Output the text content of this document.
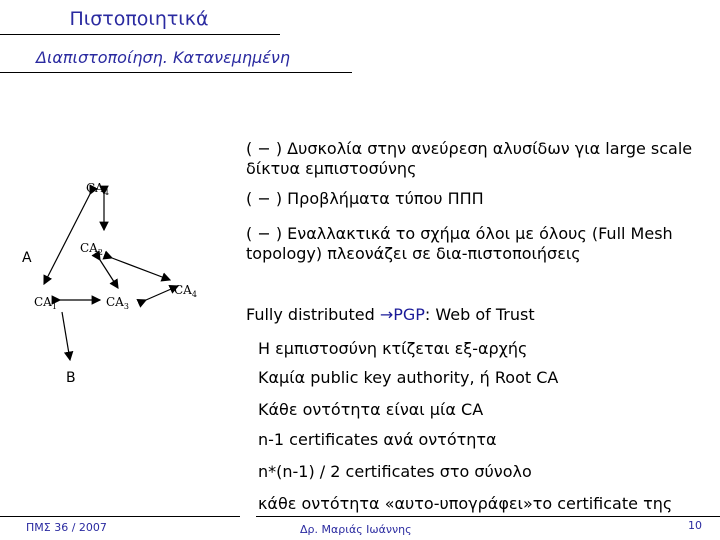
Πιστοποιητικά
Διαπιστοποίηση. Κατανεμημένη
$CA_4$
$CA_2$
$CA_1$	$CA_3$
$CA_4$
A
B
( − ) Δυσκολία στην ανεύρεση αλυσίδων για large scale δίκτυα εμπιστοσύνης
( − ) Προβλήματα τύπου ΠΠΠ
( − ) Εναλλακτικά το σχήμα όλοι με όλους (Full Mesh topology) πλεονάζει σε δια-πιστοποιήσεις
Fully distributed →PGP: Web of Trust
Η εμπιστοσύνη κτίζεται εξ-αρχής
Καμία public key authority, ή Root CA
Κάθε οντότητα είναι μία CA
n-1 certificates ανά οντότητα
n*(n-1) / 2 certificates στο σύνολο
κάθε οντότητα «αυτο-υπογράφει»το certificate της
ΠΜΣ 36 / 2007	Δρ. Μαριάς Ιωάννης	10
